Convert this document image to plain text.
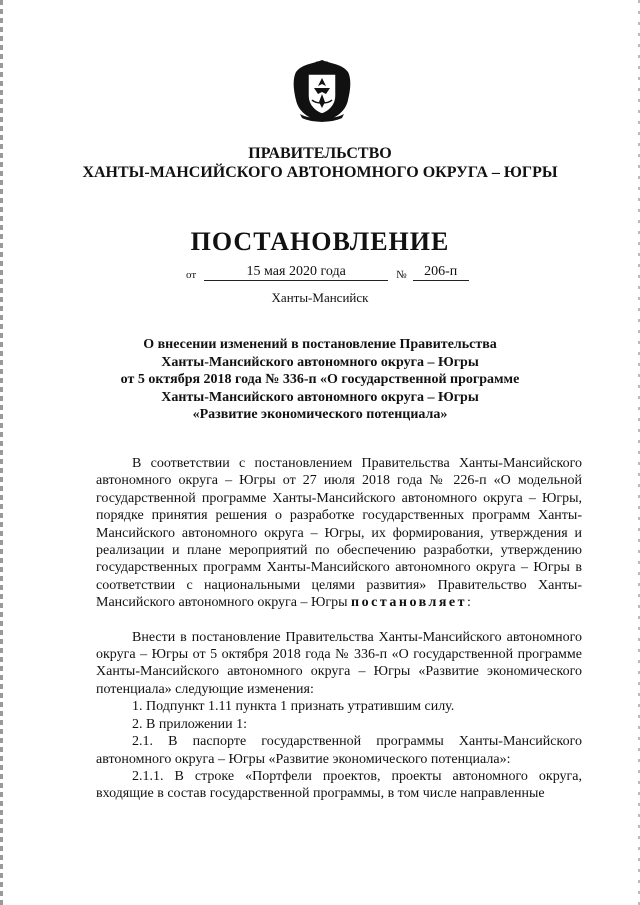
ПРАВИТЕЛЬСТВО
ХАНТЫ-МАНСИЙСКОГО АВТОНОМНОГО ОКРУГА – ЮГРЫ
ПОСТАНОВЛЕНИЕ
от	15 мая 2020 года	№	206-п
Ханты-Мансийск
О внесении изменений в постановление Правительства
Ханты-Мансийского автономного округа – Югры
от 5 октября 2018 года № 336-п «О государственной программе
Ханты-Мансийского автономного округа – Югры
«Развитие экономического потенциала»

В соответствии с постановлением Правительства Ханты-Мансийского автономного округа – Югры от 27 июля 2018 года № 226-п «О модельной государственной программе Ханты-Мансийского автономного округа – Югры, порядке принятия решения о разработке государственных программ Ханты-Мансийского автономного округа – Югры, их формирования, утверждения и реализации и плане мероприятий по обеспечению разработки, утверждению государственных программ Ханты-Мансийского автономного округа – Югры в соответствии с национальными целями развития» Правительство Ханты-Мансийского автономного округа – Югры постановляет:

Внести в постановление Правительства Ханты-Мансийского автономного округа – Югры от 5 октября 2018 года № 336-п «О государственной программе Ханты-Мансийского автономного округа – Югры «Развитие экономического потенциала» следующие изменения:

1. Подпункт 1.11 пункта 1 признать утратившим силу.

2. В приложении 1:

2.1. В паспорте государственной программы Ханты-Мансийского автономного округа – Югры «Развитие экономического потенциала»:

2.1.1. В строке «Портфели проектов, проекты автономного округа, входящие в состав государственной программы, в том числе направленные
